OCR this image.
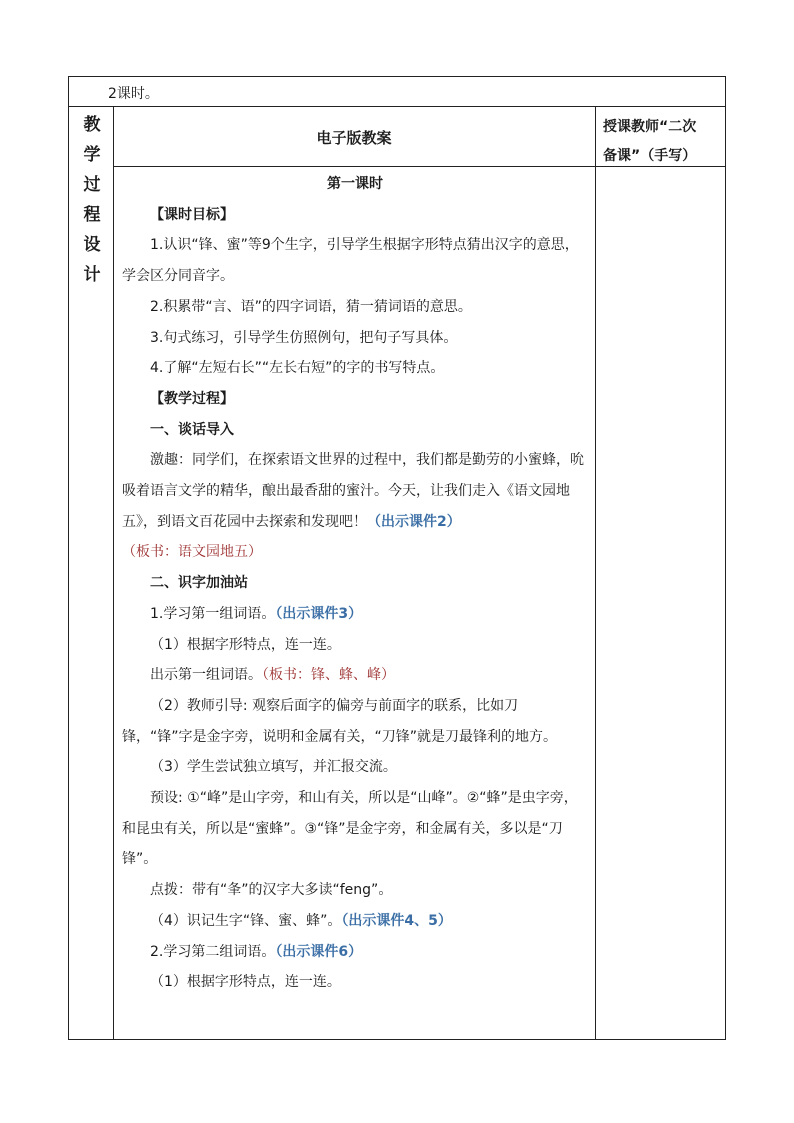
2课时。
教
学
过
程
设
计
电子版教案
授课教师“二次
备课”（手写）

第一课时

【课时目标】

1.认识“锋、蜜”等9个生字，引导学生根据字形特点猜出汉字的意思，学会区分同音字。

2.积累带“言、语”的四字词语，猜一猜词语的意思。

3.句式练习，引导学生仿照例句，把句子写具体。

4.了解“左短右长”“左长右短”的字的书写特点。

【教学过程】

一、谈话导入

激趣：同学们，在探索语文世界的过程中，我们都是勤劳的小蜜蜂，吮吸着语言文学的精华，酿出最香甜的蜜汁。今天，让我们走入《语文园地五》，到语文百花园中去探索和发现吧！（出示课件2）（板书：语文园地五）

二、识字加油站

1.学习第一组词语。（出示课件3）

（1）根据字形特点，连一连。

出示第一组词语。（板书：锋、蜂、峰）

（2）教师引导: 观察后面字的偏旁与前面字的联系，比如刀锋，“锋”字是金字旁，说明和金属有关，“刀锋”就是刀最锋利的地方。

（3）学生尝试独立填写，并汇报交流。

预设: ①“峰”是山字旁，和山有关，所以是“山峰”。②“蜂”是虫字旁，和昆虫有关，所以是“蜜蜂”。③“锋”是金字旁，和金属有关，多以是“刀锋”。

点拨：带有“夆”的汉字大多读“feng”。

（4）识记生字“锋、蜜、蜂”。（出示课件4、5）

2.学习第二组词语。（出示课件6）

（1）根据字形特点，连一连。
